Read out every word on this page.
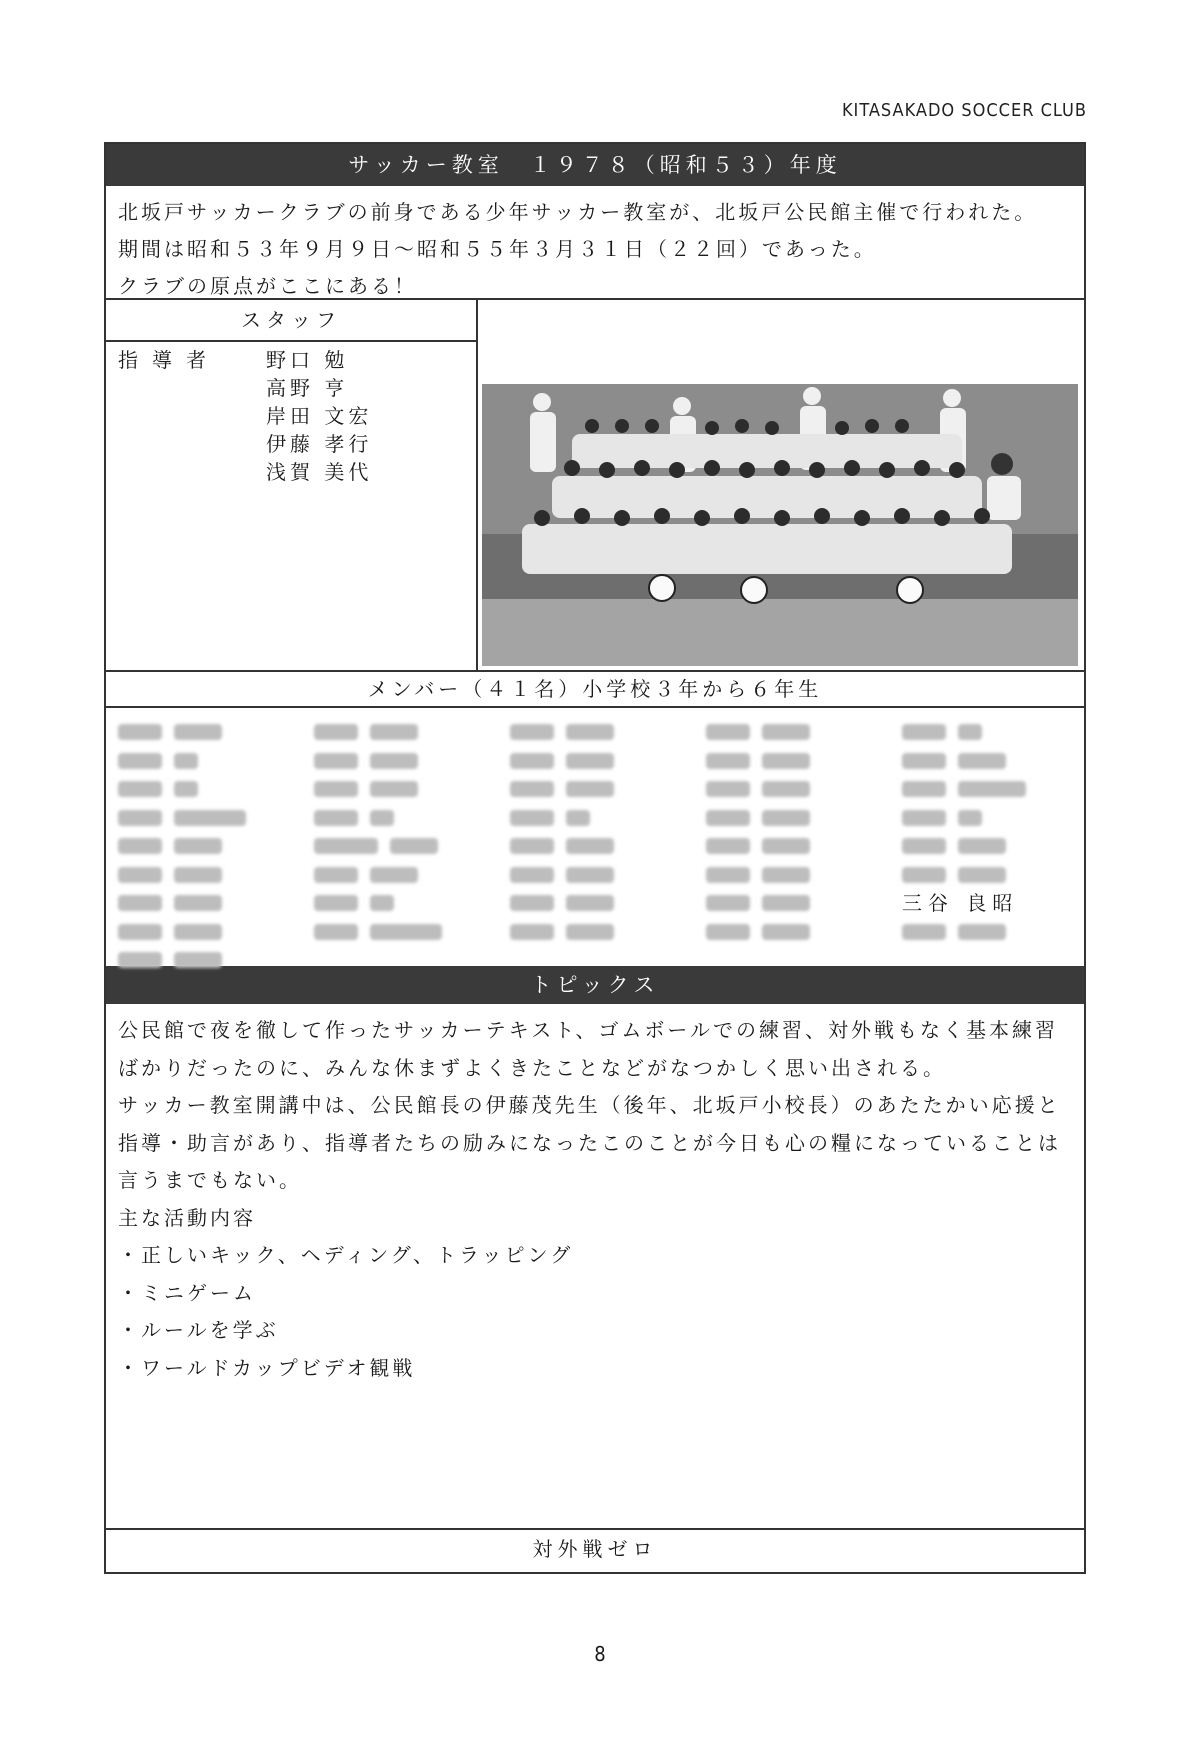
KITASAKADO SOCCER CLUB
サッカー教室　１９７８（昭和５３）年度

北坂戸サッカークラブの前身である少年サッカー教室が、北坂戸公民館主催で行われた。

期間は昭和５３年９月９日～昭和５５年３月３１日（２２回）であった。

クラブの原点がここにある！

スタッフ
指導者	野口 勉
高野 亨
岸田 文宏
伊藤 孝行
浅賀 美代
メンバー（４１名）小学校３年から６年生
三谷 良昭
トピックス

公民館で夜を徹して作ったサッカーテキスト、ゴムボールでの練習、対外戦もなく基本練習ばかりだったのに、みんな休まずよくきたことなどがなつかしく思い出される。

サッカー教室開講中は、公民館長の伊藤茂先生（後年、北坂戸小校長）のあたたかい応援と指導・助言があり、指導者たちの励みになったこのことが今日も心の糧になっていることは言うまでもない。

主な活動内容

・正しいキック、ヘディング、トラッピング

・ミニゲーム

・ルールを学ぶ

・ワールドカップビデオ観戦

対外戦ゼロ
8
